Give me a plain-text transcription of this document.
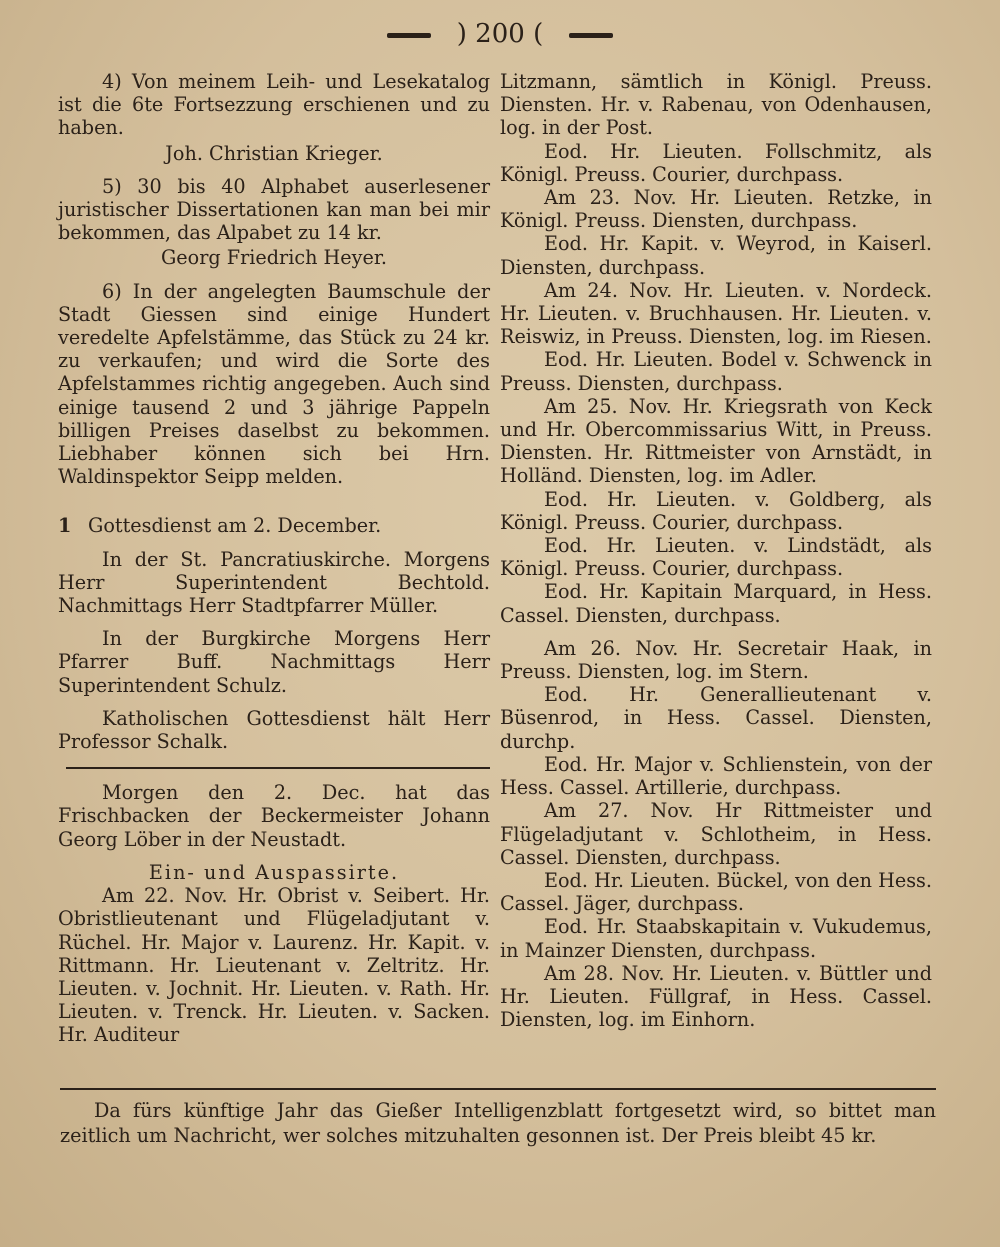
) 200 (

4) Von meinem Leih- und Lesekatalog ist die 6te Fortsezzung erschienen und zu haben.

Joh. Christian Krieger.

5) 30 bis 40 Alphabet auserlesener juristischer Dissertationen kan man bei mir bekommen, das Alpabet zu 14 kr.

Georg Friedrich Heyer.

6) In der angelegten Baumschule der Stadt Giessen sind einige Hundert veredelte Apfelstämme, das Stück zu 24 kr. zu verkaufen; und wird die Sorte des Apfelstammes richtig angegeben. Auch sind einige tausend 2 und 3 jährige Pappeln billigen Preises daselbst zu bekommen. Liebhaber können sich bei Hrn. Waldinspektor Seipp melden.

1 Gottesdienst am 2. December.

In der St. Pancratiuskirche. Morgens Herr Superintendent Bechtold. Nachmittags Herr Stadtpfarrer Müller.

In der Burgkirche Morgens Herr Pfarrer Buff. Nachmittags Herr Superintendent Schulz.

Katholischen Gottesdienst hält Herr Professor Schalk.

Morgen den 2. Dec. hat das Frischbacken der Beckermeister Johann Georg Löber in der Neustadt.

Ein- und Auspassirte.

Am 22. Nov. Hr. Obrist v. Seibert. Hr. Obristlieutenant und Flügeladjutant v. Rüchel. Hr. Major v. Laurenz. Hr. Kapit. v. Rittmann. Hr. Lieutenant v. Zeltritz. Hr. Lieuten. v. Jochnit. Hr. Lieuten. v. Rath. Hr. Lieuten. v. Trenck. Hr. Lieuten. v. Sacken. Hr. Auditeur

Litzmann, sämtlich in Königl. Preuss. Diensten. Hr. v. Rabenau, von Odenhausen, log. in der Post.

Eod. Hr. Lieuten. Follschmitz, als Königl. Preuss. Courier, durchpass.

Am 23. Nov. Hr. Lieuten. Retzke, in Königl. Preuss. Diensten, durchpass.

Eod. Hr. Kapit. v. Weyrod, in Kaiserl. Diensten, durchpass.

Am 24. Nov. Hr. Lieuten. v. Nordeck. Hr. Lieuten. v. Bruchhausen. Hr. Lieuten. v. Reiswiz, in Preuss. Diensten, log. im Riesen.

Eod. Hr. Lieuten. Bodel v. Schwenck in Preuss. Diensten, durchpass.

Am 25. Nov. Hr. Kriegsrath von Keck und Hr. Obercommissarius Witt, in Preuss. Diensten. Hr. Rittmeister von Arnstädt, in Holländ. Diensten, log. im Adler.

Eod. Hr. Lieuten. v. Goldberg, als Königl. Preuss. Courier, durchpass.

Eod. Hr. Lieuten. v. Lindstädt, als Königl. Preuss. Courier, durchpass.

Eod. Hr. Kapitain Marquard, in Hess. Cassel. Diensten, durchpass.

Am 26. Nov. Hr. Secretair Haak, in Preuss. Diensten, log. im Stern.

Eod. Hr. Generallieutenant v. Büsenrod, in Hess. Cassel. Diensten, durchp.

Eod. Hr. Major v. Schlienstein, von der Hess. Cassel. Artillerie, durchpass.

Am 27. Nov. Hr Rittmeister und Flügeladjutant v. Schlotheim, in Hess. Cassel. Diensten, durchpass.

Eod. Hr. Lieuten. Bückel, von den Hess. Cassel. Jäger, durchpass.

Eod. Hr. Staabskapitain v. Vukudemus, in Mainzer Diensten, durchpass.

Am 28. Nov. Hr. Lieuten. v. Büttler und Hr. Lieuten. Füllgraf, in Hess. Cassel. Diensten, log. im Einhorn.

Da fürs künftige Jahr das Gießer Intelligenzblatt fortgesetzt wird, so bittet man zeitlich um Nachricht, wer solches mitzuhalten gesonnen ist. Der Preis bleibt 45 kr.
